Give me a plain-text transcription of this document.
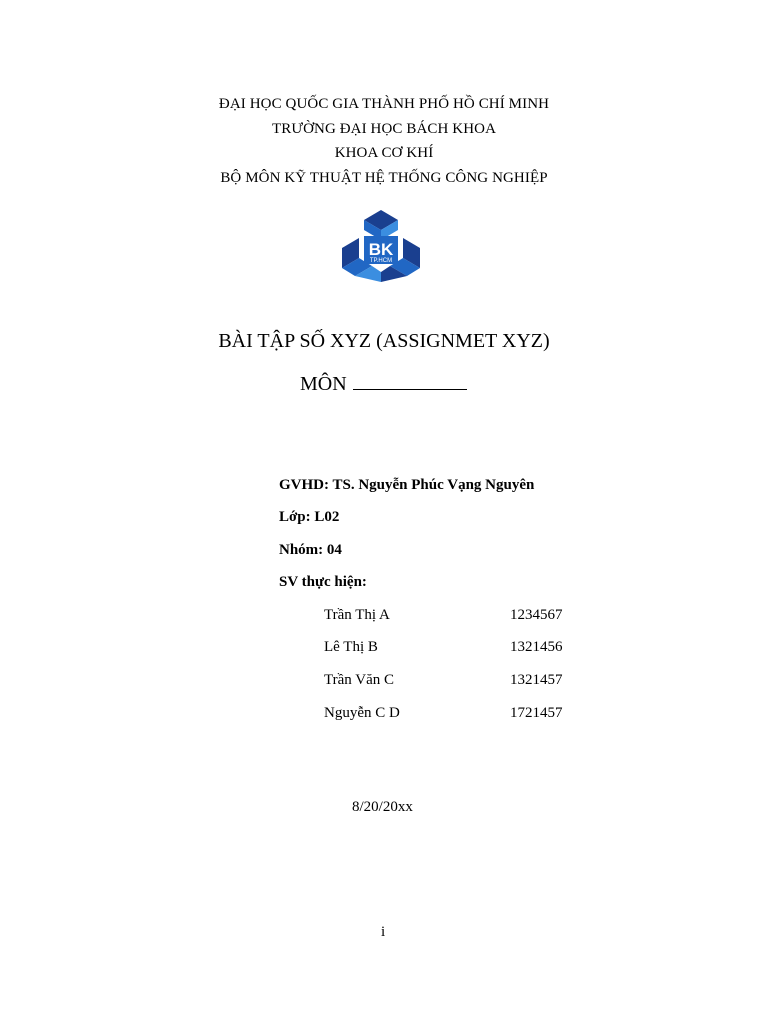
ĐẠI HỌC QUỐC GIA THÀNH PHỐ HỒ CHÍ MINH
TRƯỜNG ĐẠI HỌC BÁCH KHOA
KHOA CƠ KHÍ
BỘ MÔN KỸ THUẬT HỆ THỐNG CÔNG NGHIỆP
BK
TP.HCM
BÀI TẬP SỐ XYZ (ASSIGNMET XYZ)
MÔN
GVHD: TS. Nguyễn Phúc Vạng Nguyên
Lớp: L02
Nhóm: 04
SV thực hiện:
Trần Thị A	1234567
Lê Thị B	1321456
Trần Văn C	1321457
Nguyễn C D	1721457
8/20/20xx
i
